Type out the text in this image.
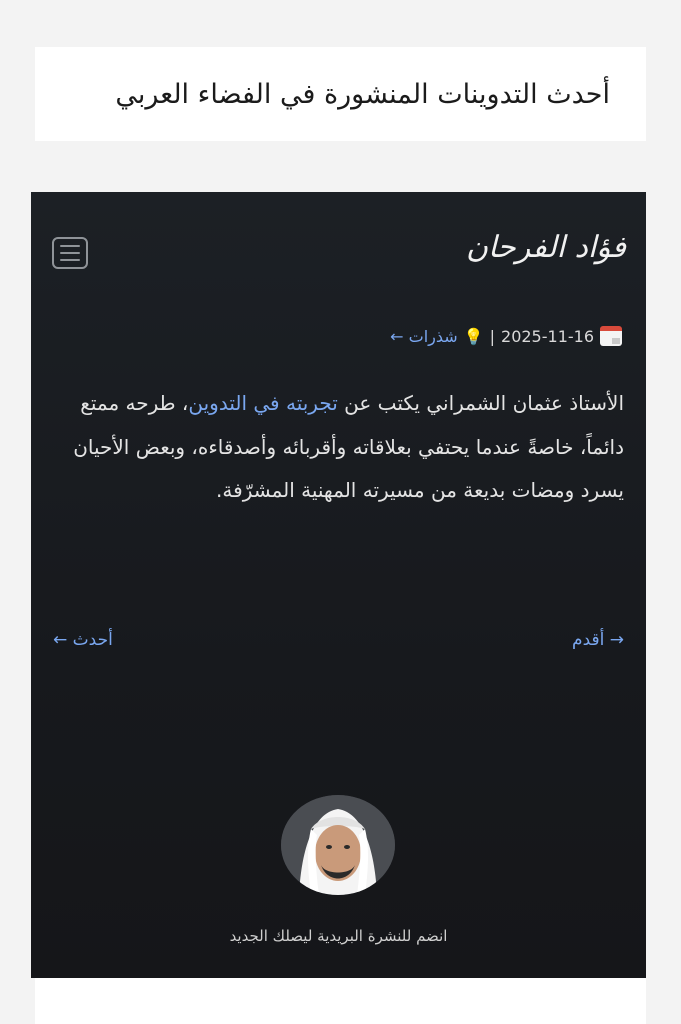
أحدث التدوينات المنشورة في الفضاء العربي
فؤاد الفرحان
2025-11-16
|
💡
شذرات ←
الأستاذ عثمان الشمراني يكتب عن تجربته في التدوين، طرحه ممتع دائماً، خاصةً عندما يحتفي بعلاقاته وأقربائه وأصدقاءه، وبعض الأحيان يسرد ومضات بديعة من مسيرته المهنية المشرّفة.
→ أقدم
أحدث ←
انضم للنشرة البريدية ليصلك الجديد
